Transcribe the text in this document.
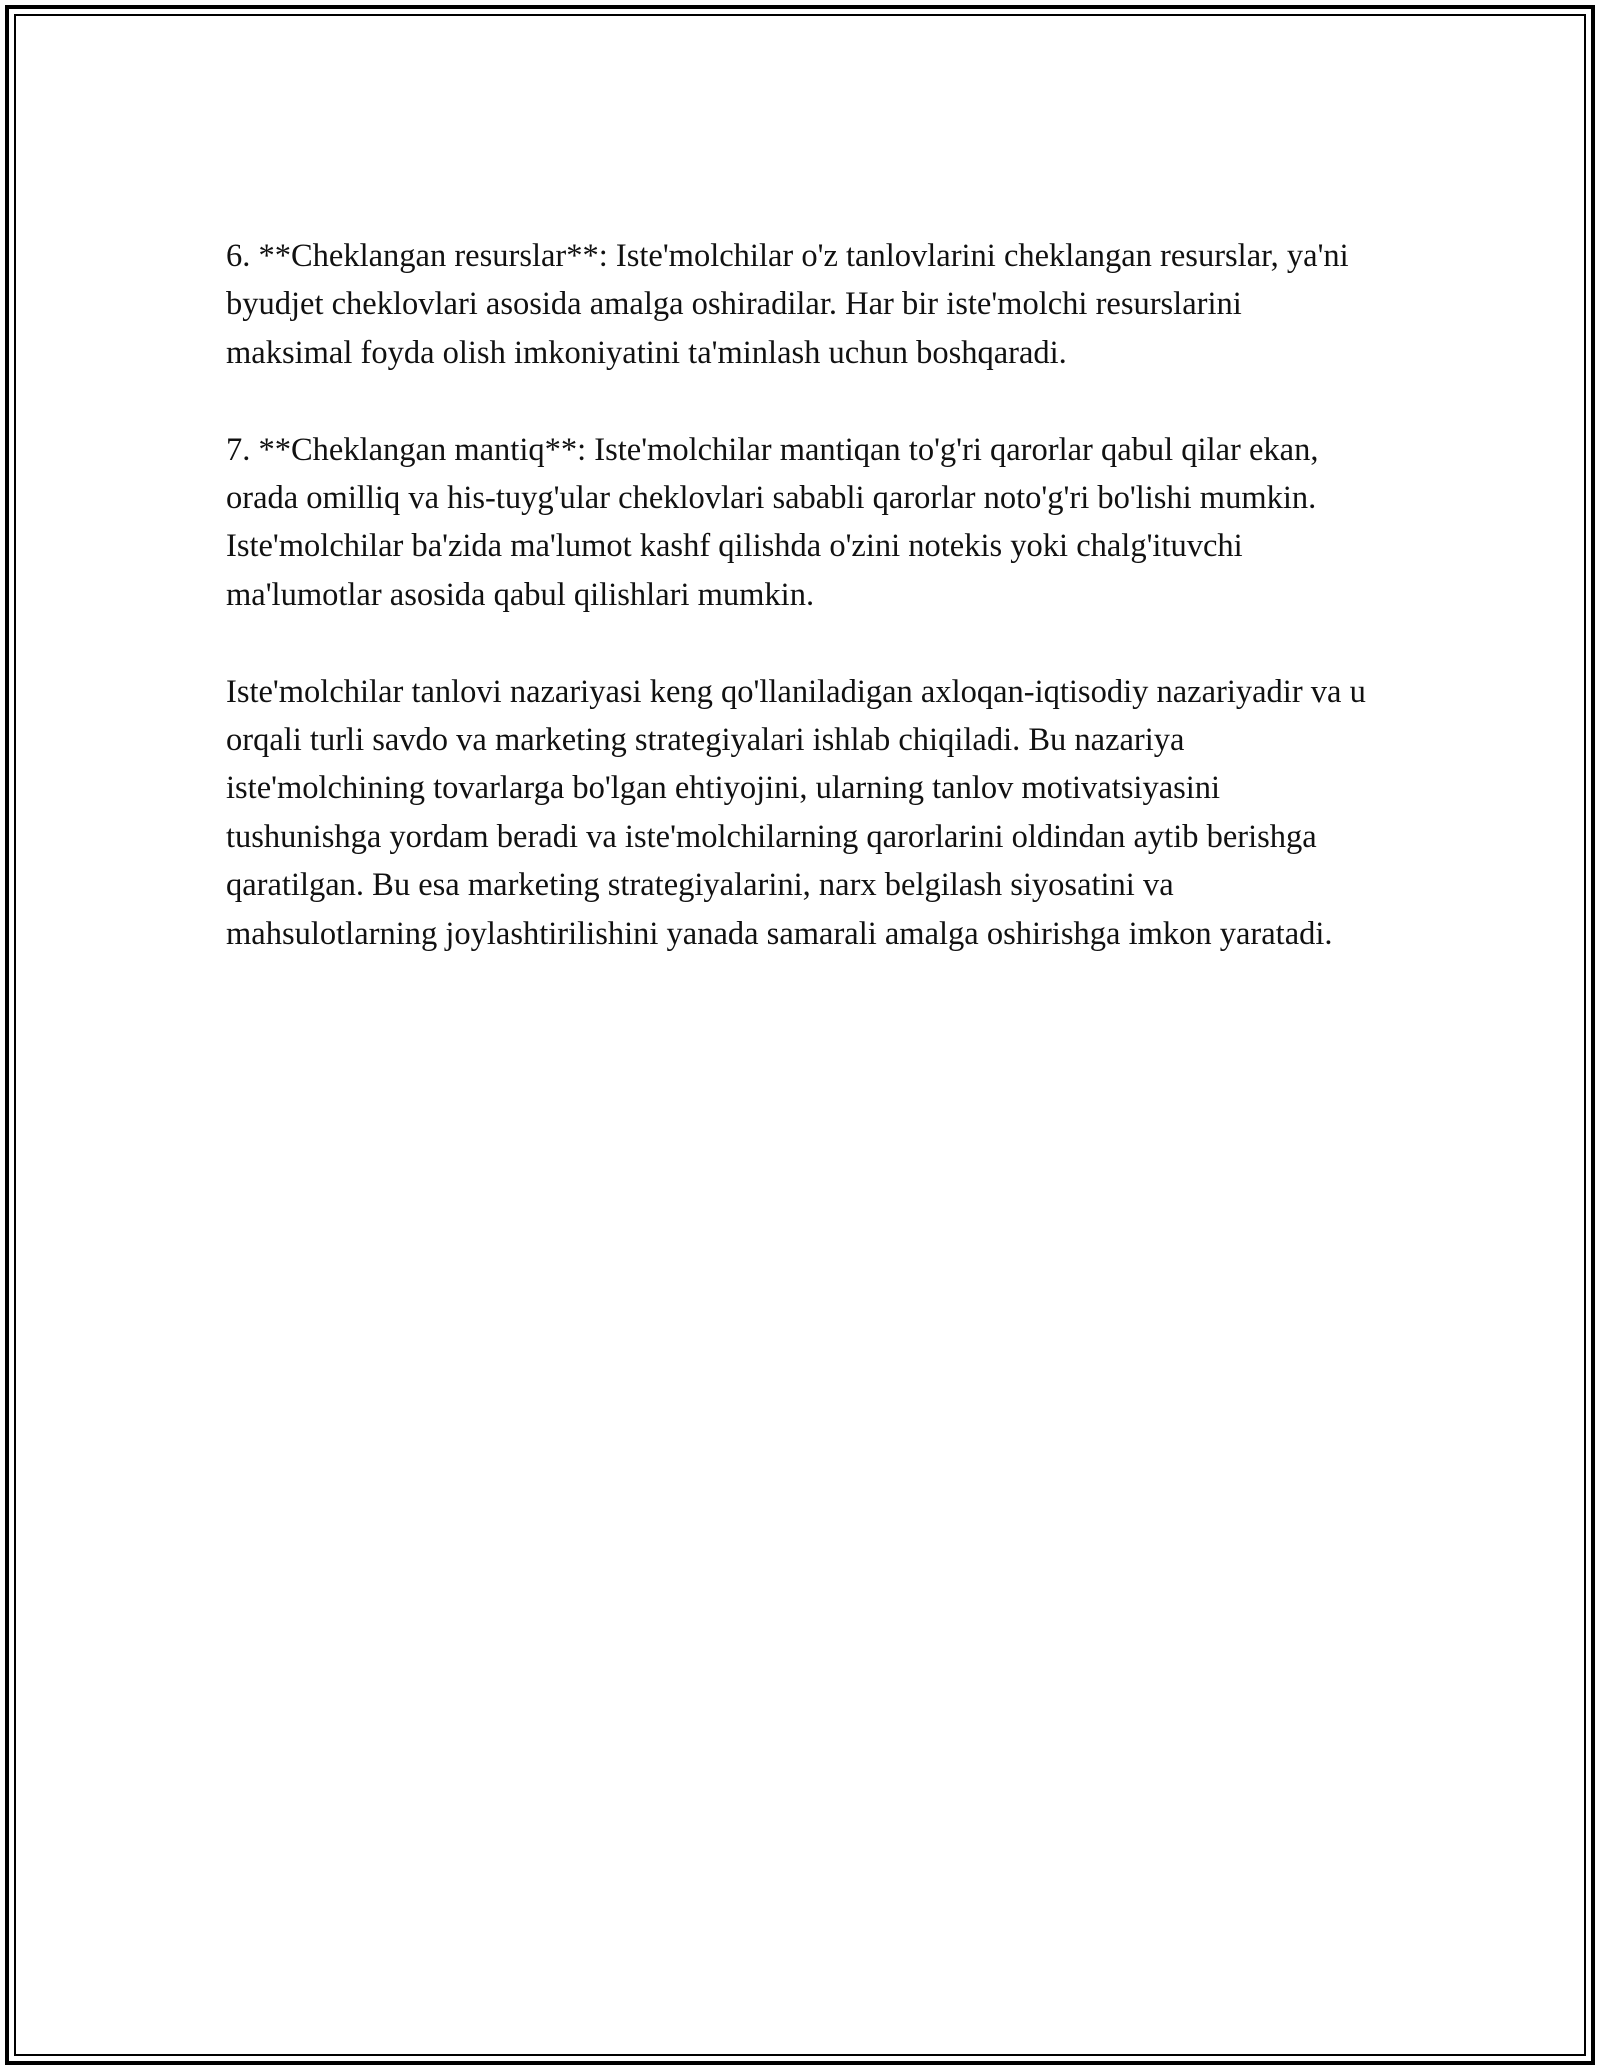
6. **Cheklangan resurslar**: Iste'molchilar o'z tanlovlarini cheklangan resurslar, ya'ni byudjet cheklovlari asosida amalga oshiradilar. Har bir iste'molchi resurslarini maksimal foyda olish imkoniyatini ta'minlash uchun boshqaradi.

7. **Cheklangan mantiq**: Iste'molchilar mantiqan to'g'ri qarorlar qabul qilar ekan, orada omilliq va his-tuyg'ular cheklovlari sababli qarorlar noto'g'ri bo'lishi mumkin. Iste'molchilar ba'zida ma'lumot kashf qilishda o'zini notekis yoki chalg'ituvchi ma'lumotlar asosida qabul qilishlari mumkin.

Iste'molchilar tanlovi nazariyasi keng qo'llaniladigan axloqan-iqtisodiy nazariyadir va u orqali turli savdo va marketing strategiyalari ishlab chiqiladi. Bu nazariya iste'molchining tovarlarga bo'lgan ehtiyojini, ularning tanlov motivatsiyasini tushunishga yordam beradi va iste'molchilarning qarorlarini oldindan aytib berishga qaratilgan. Bu esa marketing strategiyalarini, narx belgilash siyosatini va mahsulotlarning joylashtirilishini yanada samarali amalga oshirishga imkon yaratadi.
